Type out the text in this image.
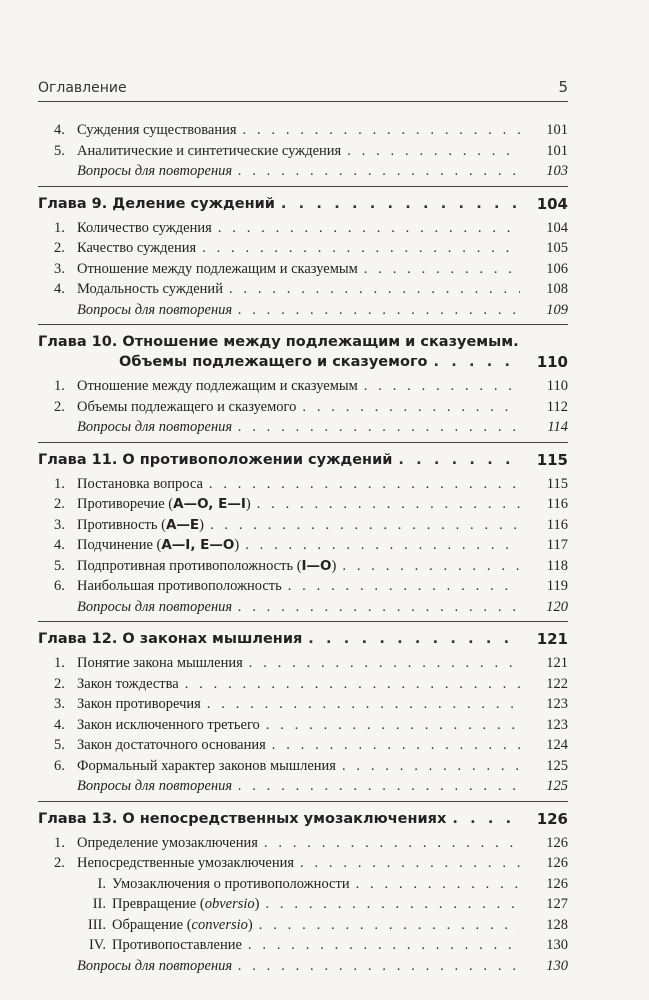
Оглавление	5
4. Суждения существования . . .	101
5. Аналитические и синтетические суждения . . .	101
Вопросы для повторения . . .	103
Глава 9. Деление суждений . . .	104
1. Количество суждения . . .	104
2. Качество суждения . . .	105
3. Отношение между подлежащим и сказуемым . . .	106
4. Модальность суждений . . .	108
Вопросы для повторения . . .	109
Глава 10. Отношение между подлежащим и сказуемым.
Объемы подлежащего и сказуемого . . .	110
1. Отношение между подлежащим и сказуемым . . .	110
2. Объемы подлежащего и сказуемого . . .	112
Вопросы для повторения . . .	114
Глава 11. О противоположении суждений . . .	115
1. Постановка вопроса . . .	115
2. Противоречие (А—O, E—I) . . .	116
3. Противность (А—E) . . .	116
4. Подчинение (А—I, E—O) . . .	117
5. Подпротивная противоположность (I—O) . . .	118
6. Наибольшая противоположность . . .	119
Вопросы для повторения . . .	120
Глава 12. О законах мышления . . .	121
1. Понятие закона мышления . . .	121
2. Закон тождества . . .	122
3. Закон противоречия . . .	123
4. Закон исключенного третьего . . .	123
5. Закон достаточного основания . . .	124
6. Формальный характер законов мышления . . .	125
Вопросы для повторения . . .	125
Глава 13. О непосредственных умозаключениях . . .	126
1. Определение умозаключения . . .	126
2. Непосредственные умозаключения . . .	126
I. Умозаключения о противоположности . . .	126
II. Превращение (obversio) . . .	127
III. Обращение (conversio) . . .	128
IV. Противопоставление . . .	130
Вопросы для повторения . . .	130
